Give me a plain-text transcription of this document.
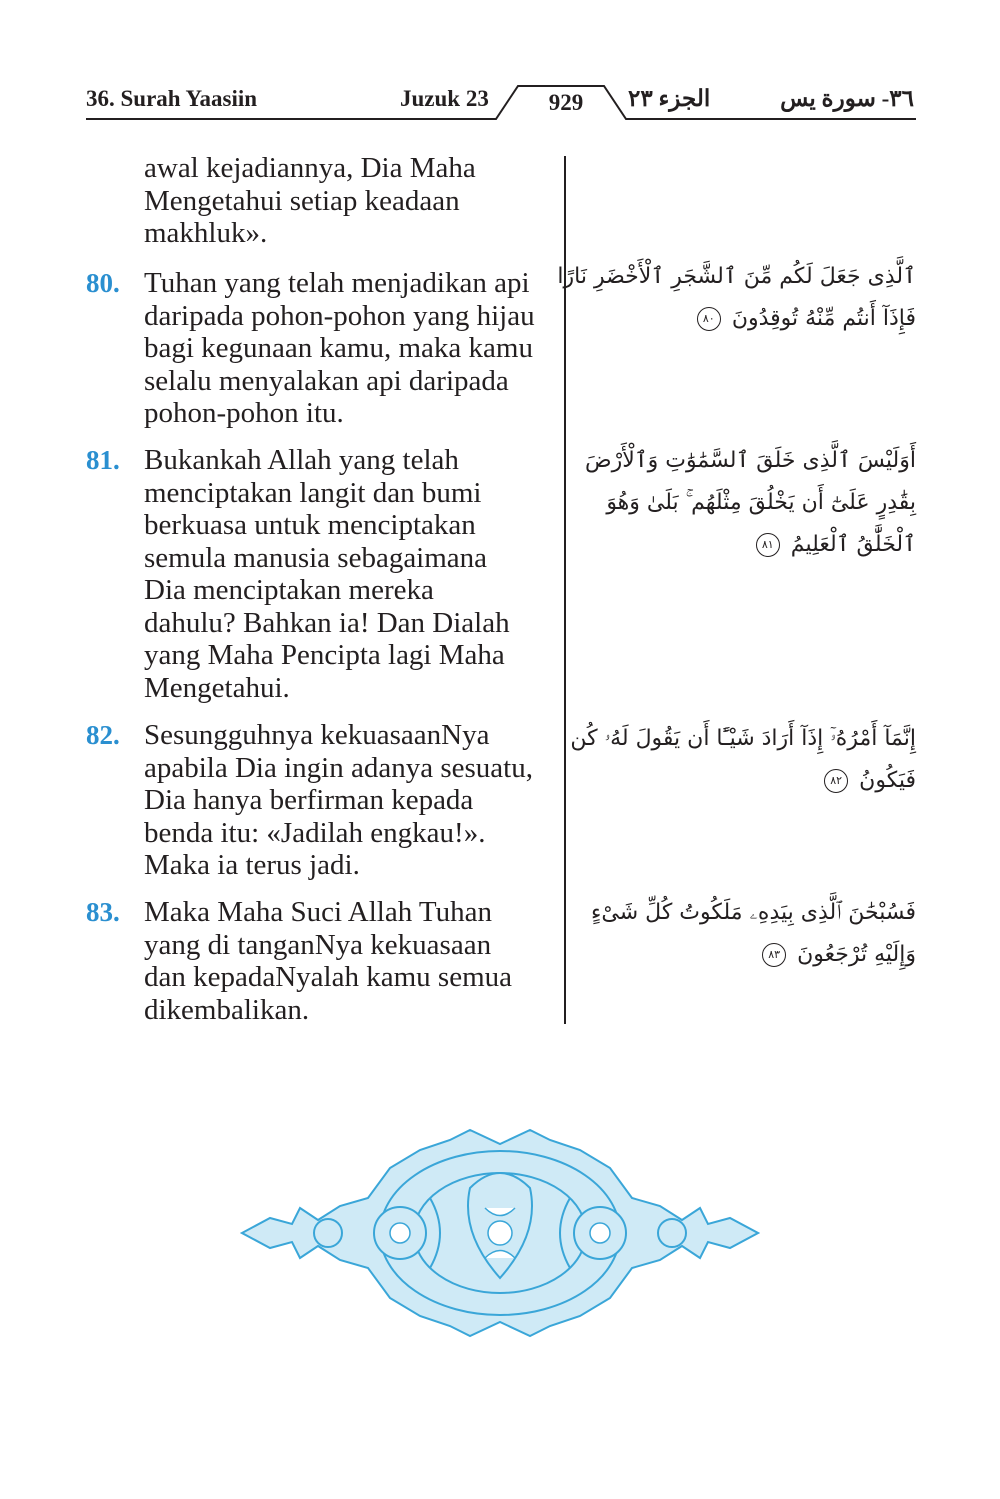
36. Surah Yaasiin	Juzuk 23	929	الجزء ٢٣	٣٦- سورة يس
awal kejadiannya, Dia Maha
Mengetahui setiap keadaan
makhluk».
80. Tuhan yang telah menjadikan api
daripada pohon-pohon yang hijau
bagi kegunaan kamu, maka kamu
selalu menyalakan api daripada
pohon-pohon itu.
ٱلَّذِى جَعَلَ لَكُم مِّنَ ٱلشَّجَرِ ٱلْأَخْضَرِ نَارًا
فَإِذَآ أَنتُم مِّنْهُ تُوقِدُونَ ٨٠
81. Bukankah Allah yang telah
menciptakan langit dan bumi
berkuasa untuk menciptakan
semula manusia sebagaimana
Dia menciptakan mereka
dahulu? Bahkan ia! Dan Dialah
yang Maha Pencipta lagi Maha
Mengetahui.
أَوَلَيْسَ ٱلَّذِى خَلَقَ ٱلسَّمَٰوَٰتِ وَٱلْأَرْضَ
بِقَٰدِرٍ عَلَىٰٓ أَن يَخْلُقَ مِثْلَهُم ۚ بَلَىٰ وَهُوَ
ٱلْخَلَّٰقُ ٱلْعَلِيمُ ٨١
82. Sesungguhnya kekuasaanNya
apabila Dia ingin adanya sesuatu,
Dia hanya berfirman kepada
benda itu: «Jadilah engkau!».
Maka ia terus jadi.
إِنَّمَآ أَمْرُهُۥٓ إِذَآ أَرَادَ شَيْـًٔا أَن يَقُولَ لَهُۥ كُن
فَيَكُونُ ٨٢
83. Maka Maha Suci Allah Tuhan
yang di tanganNya kekuasaan
dan kepadaNyalah kamu semua
dikembalikan.
فَسُبْحَٰنَ ٱلَّذِى بِيَدِهِۦ مَلَكُوتُ كُلِّ شَىْءٍ
وَإِلَيْهِ تُرْجَعُونَ ٨٣
